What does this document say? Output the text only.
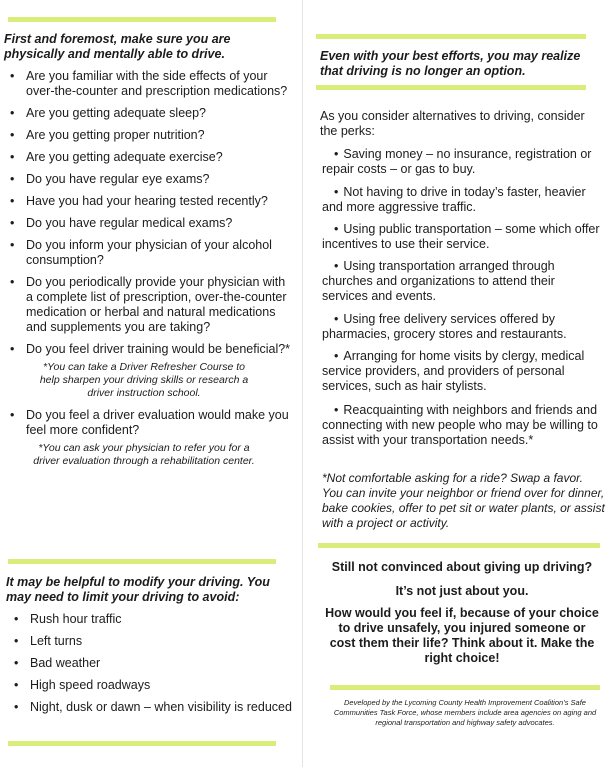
First and foremost, make sure you are physically and mentally able to drive.
• Are you familiar with the side effects of your over-the-counter and prescription medications?
• Are you getting adequate sleep?
• Are you getting proper nutrition?
• Are you getting adequate exercise?
• Do you have regular eye exams?
• Have you had your hearing tested recently?
• Do you have regular medical exams?
• Do you inform your physician of your alcohol consumption?
• Do you periodically provide your physician with a complete list of prescription, over-the-counter medication or herbal and natural medications and supplements you are taking?
• Do you feel driver training would be beneficial?*
*You can take a Driver Refresher Course to help sharpen your driving skills or research a driver instruction school.
• Do you feel a driver evaluation would make you feel more confident?
*You can ask your physician to refer you for a driver evaluation through a rehabilitation center.
It may be helpful to modify your driving. You may need to limit your driving to avoid:
• Rush hour traffic
• Left turns
• Bad weather
• High speed roadways
• Night, dusk or dawn – when visibility is reduced
Even with your best efforts, you may realize that driving is no longer an option.
As you consider alternatives to driving, consider the perks:
• Saving money – no insurance, registration or repair costs – or gas to buy.
• Not having to drive in today’s faster, heavier and more aggressive traffic.
• Using public transportation – some which offer incentives to use their service.
• Using transportation arranged through churches and organizations to attend their services and events.
• Using free delivery services offered by pharmacies, grocery stores and restaurants.
• Arranging for home visits by clergy, medical service providers, and providers of personal services, such as hair stylists.
• Reacquainting with neighbors and friends and connecting with new people who may be willing to assist with your transportation needs.*
*Not comfortable asking for a ride? Swap a favor. You can invite your neighbor or friend over for dinner, bake cookies, offer to pet sit or water plants, or assist with a project or activity.
Still not convinced about giving up driving?
It’s not just about you.
How would you feel if, because of your choice to drive unsafely, you injured someone or cost them their life? Think about it. Make the right choice!
Developed by the Lycoming County Health Improvement Coalition’s Safe Communities Task Force, whose members include area agencies on aging and regional transportation and highway safety advocates.
